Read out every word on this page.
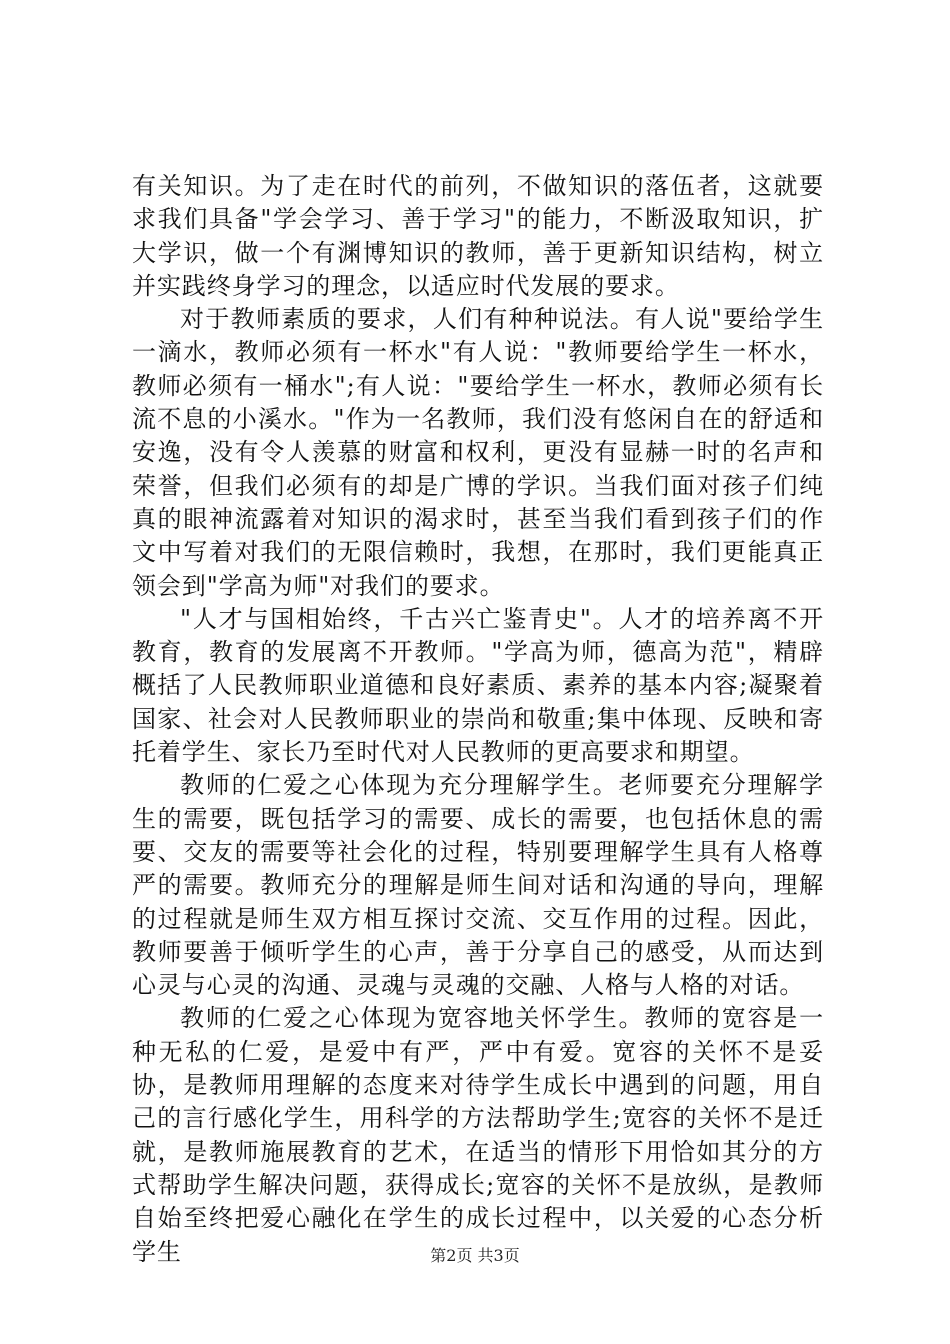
有关知识。为了走在时代的前列，不做知识的落伍者，这就要求我们具备"学会学习、善于学习"的能力，不断汲取知识，扩大学识，做一个有渊博知识的教师，善于更新知识结构，树立并实践终身学习的理念，以适应时代发展的要求。

对于教师素质的要求，人们有种种说法。有人说"要给学生一滴水，教师必须有一杯水"有人说："教师要给学生一杯水，教师必须有一桶水";有人说："要给学生一杯水，教师必须有长流不息的小溪水。"作为一名教师，我们没有悠闲自在的舒适和安逸，没有令人羡慕的财富和权利，更没有显赫一时的名声和荣誉，但我们必须有的却是广博的学识。当我们面对孩子们纯真的眼神流露着对知识的渴求时，甚至当我们看到孩子们的作文中写着对我们的无限信赖时，我想，在那时，我们更能真正领会到"学高为师"对我们的要求。

"人才与国相始终，千古兴亡鉴青史"。人才的培养离不开教育，教育的发展离不开教师。"学高为师，德高为范"，精辟概括了人民教师职业道德和良好素质、素养的基本内容;凝聚着国家、社会对人民教师职业的崇尚和敬重;集中体现、反映和寄托着学生、家长乃至时代对人民教师的更高要求和期望。

教师的仁爱之心体现为充分理解学生。老师要充分理解学生的需要，既包括学习的需要、成长的需要，也包括休息的需要、交友的需要等社会化的过程，特别要理解学生具有人格尊严的需要。教师充分的理解是师生间对话和沟通的导向，理解的过程就是师生双方相互探讨交流、交互作用的过程。因此，教师要善于倾听学生的心声，善于分享自己的感受，从而达到心灵与心灵的沟通、灵魂与灵魂的交融、人格与人格的对话。

教师的仁爱之心体现为宽容地关怀学生。教师的宽容是一种无私的仁爱，是爱中有严，严中有爱。宽容的关怀不是妥协，是教师用理解的态度来对待学生成长中遇到的问题，用自己的言行感化学生，用科学的方法帮助学生;宽容的关怀不是迁就，是教师施展教育的艺术，在适当的情形下用恰如其分的方式帮助学生解决问题，获得成长;宽容的关怀不是放纵，是教师自始至终把爱心融化在学生的成长过程中，以关爱的心态分析学生	第2页 共3页
